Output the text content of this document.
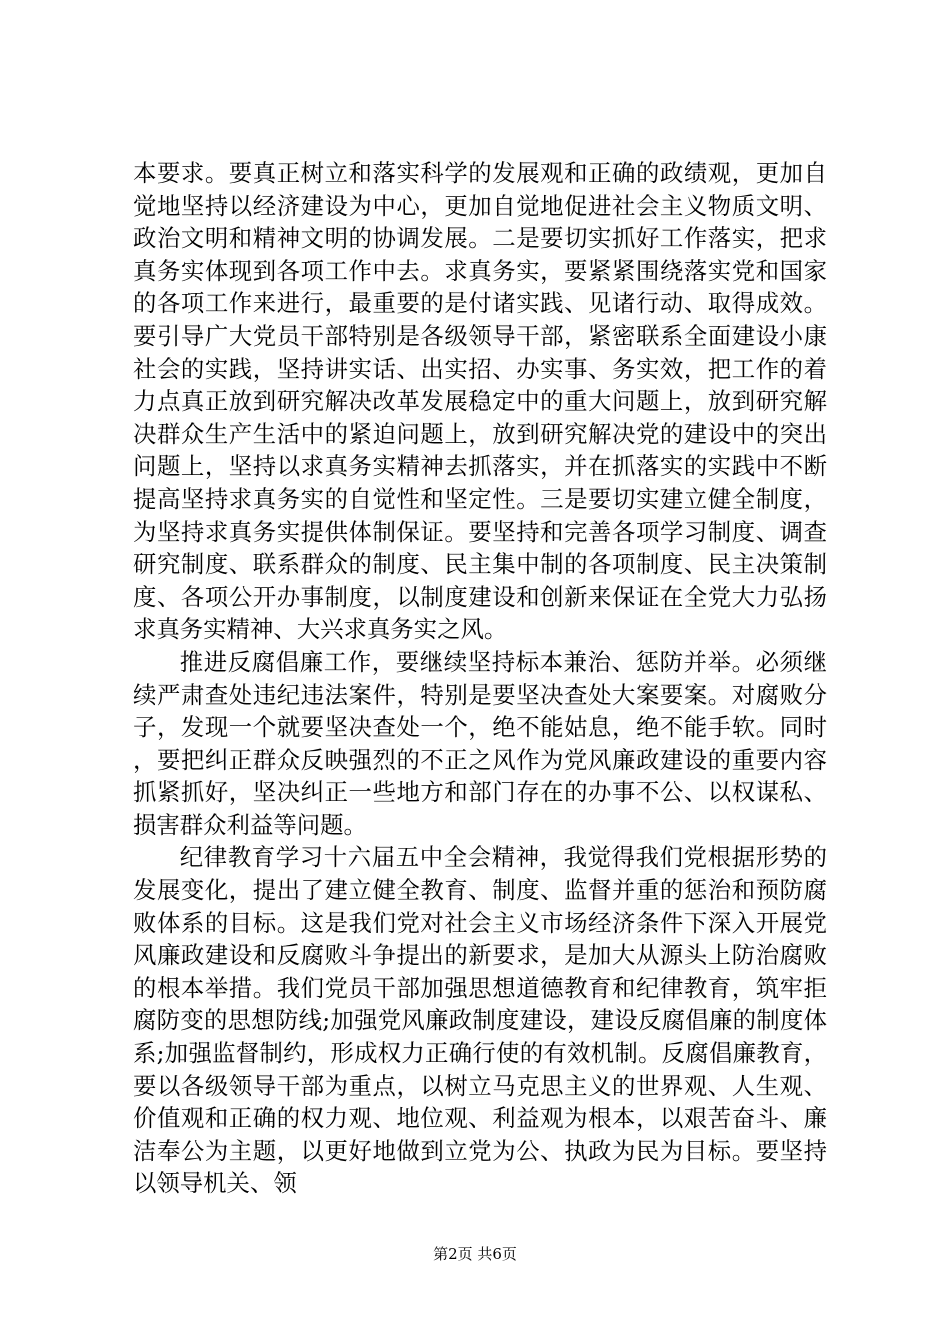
本要求。要真正树立和落实科学的发展观和正确的政绩观，更加自觉地坚持以经济建设为中心，更加自觉地促进社会主义物质文明、政治文明和精神文明的协调发展。二是要切实抓好工作落实，把求真务实体现到各项工作中去。求真务实，要紧紧围绕落实党和国家的各项工作来进行，最重要的是付诸实践、见诸行动、取得成效。要引导广大党员干部特别是各级领导干部，紧密联系全面建设小康社会的实践，坚持讲实话、出实招、办实事、务实效，把工作的着力点真正放到研究解决改革发展稳定中的重大问题上，放到研究解决群众生产生活中的紧迫问题上，放到研究解决党的建设中的突出问题上，坚持以求真务实精神去抓落实，并在抓落实的实践中不断提高坚持求真务实的自觉性和坚定性。三是要切实建立健全制度，为坚持求真务实提供体制保证。要坚持和完善各项学习制度、调查研究制度、联系群众的制度、民主集中制的各项制度、民主决策制度、各项公开办事制度，以制度建设和创新来保证在全党大力弘扬求真务实精神、大兴求真务实之风。

推进反腐倡廉工作，要继续坚持标本兼治、惩防并举。必须继续严肃查处违纪违法案件，特别是要坚决查处大案要案。对腐败分子，发现一个就要坚决查处一个，绝不能姑息，绝不能手软。同时，要把纠正群众反映强烈的不正之风作为党风廉政建设的重要内容抓紧抓好，坚决纠正一些地方和部门存在的办事不公、以权谋私、损害群众利益等问题。

纪律教育学习十六届五中全会精神，我觉得我们党根据形势的发展变化，提出了建立健全教育、制度、监督并重的惩治和预防腐败体系的目标。这是我们党对社会主义市场经济条件下深入开展党风廉政建设和反腐败斗争提出的新要求，是加大从源头上防治腐败的根本举措。我们党员干部加强思想道德教育和纪律教育，筑牢拒腐防变的思想防线;加强党风廉政制度建设，建设反腐倡廉的制度体系;加强监督制约，形成权力正确行使的有效机制。反腐倡廉教育，要以各级领导干部为重点，以树立马克思主义的世界观、人生观、价值观和正确的权力观、地位观、利益观为根本，以艰苦奋斗、廉洁奉公为主题，以更好地做到立党为公、执政为民为目标。要坚持以领导机关、领

第2页 共6页
